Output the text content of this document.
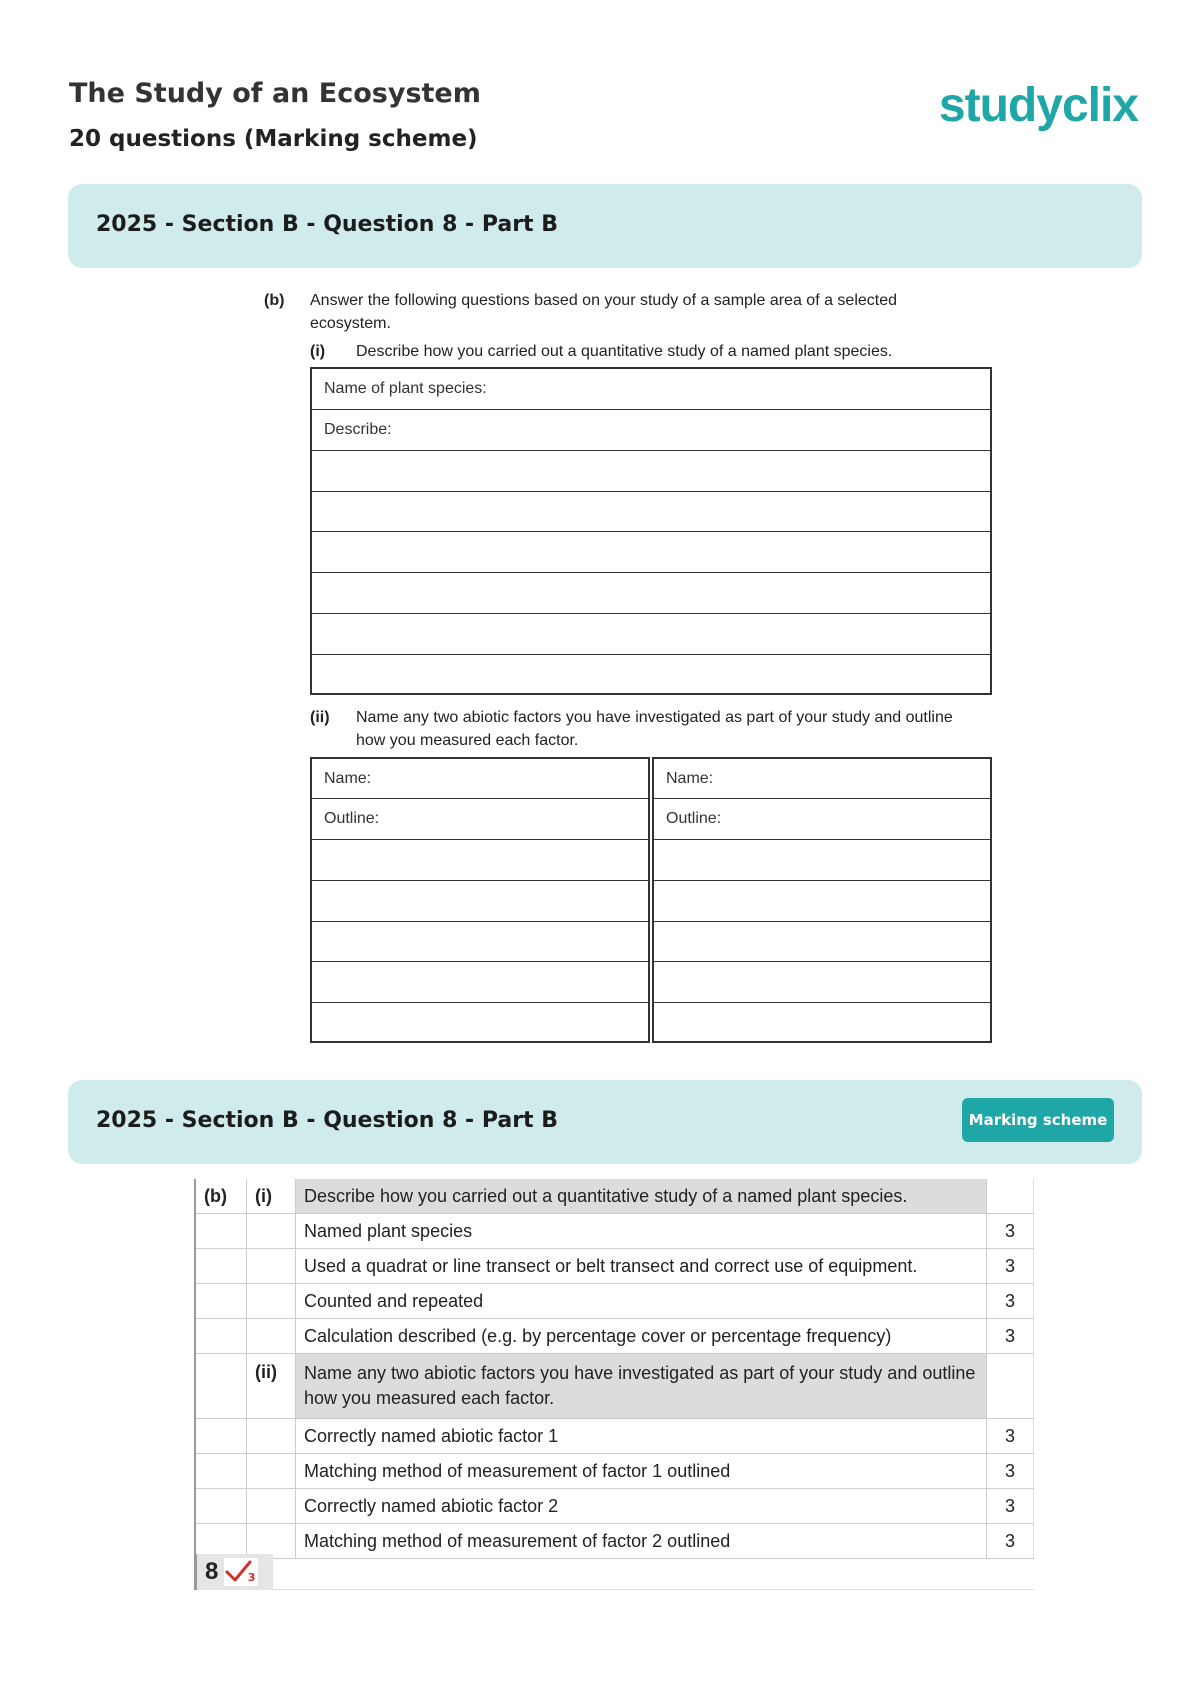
The Study of an Ecosystem
20 questions (Marking scheme)
studyclix
2025 - Section B - Question 8 - Part B
(b) Answer the following questions based on your study of a sample area of a selected ecosystem.
(i) Describe how you carried out a quantitative study of a named plant species.
Name of plant species:
Describe:
(ii) Name any two abiotic factors you have investigated as part of your study and outline how you measured each factor.
Name:
Outline:
Name:
Outline:
2025 - Section B - Question 8 - Part B	Marking scheme
(b)	(i)	Describe how you carried out a quantitative study of a named plant species.	
		Named plant species	3
		Used a quadrat or line transect or belt transect and correct use of equipment.	3
		Counted and repeated	3
		Calculation described (e.g. by percentage cover or percentage frequency)	3
	(ii)	Name any two abiotic factors you have investigated as part of your study and outline how you measured each factor.	
		Correctly named abiotic factor 1	3
		Matching method of measurement of factor 1 outlined	3
		Correctly named abiotic factor 2	3
		Matching method of measurement of factor 2 outlined	3
8	3
